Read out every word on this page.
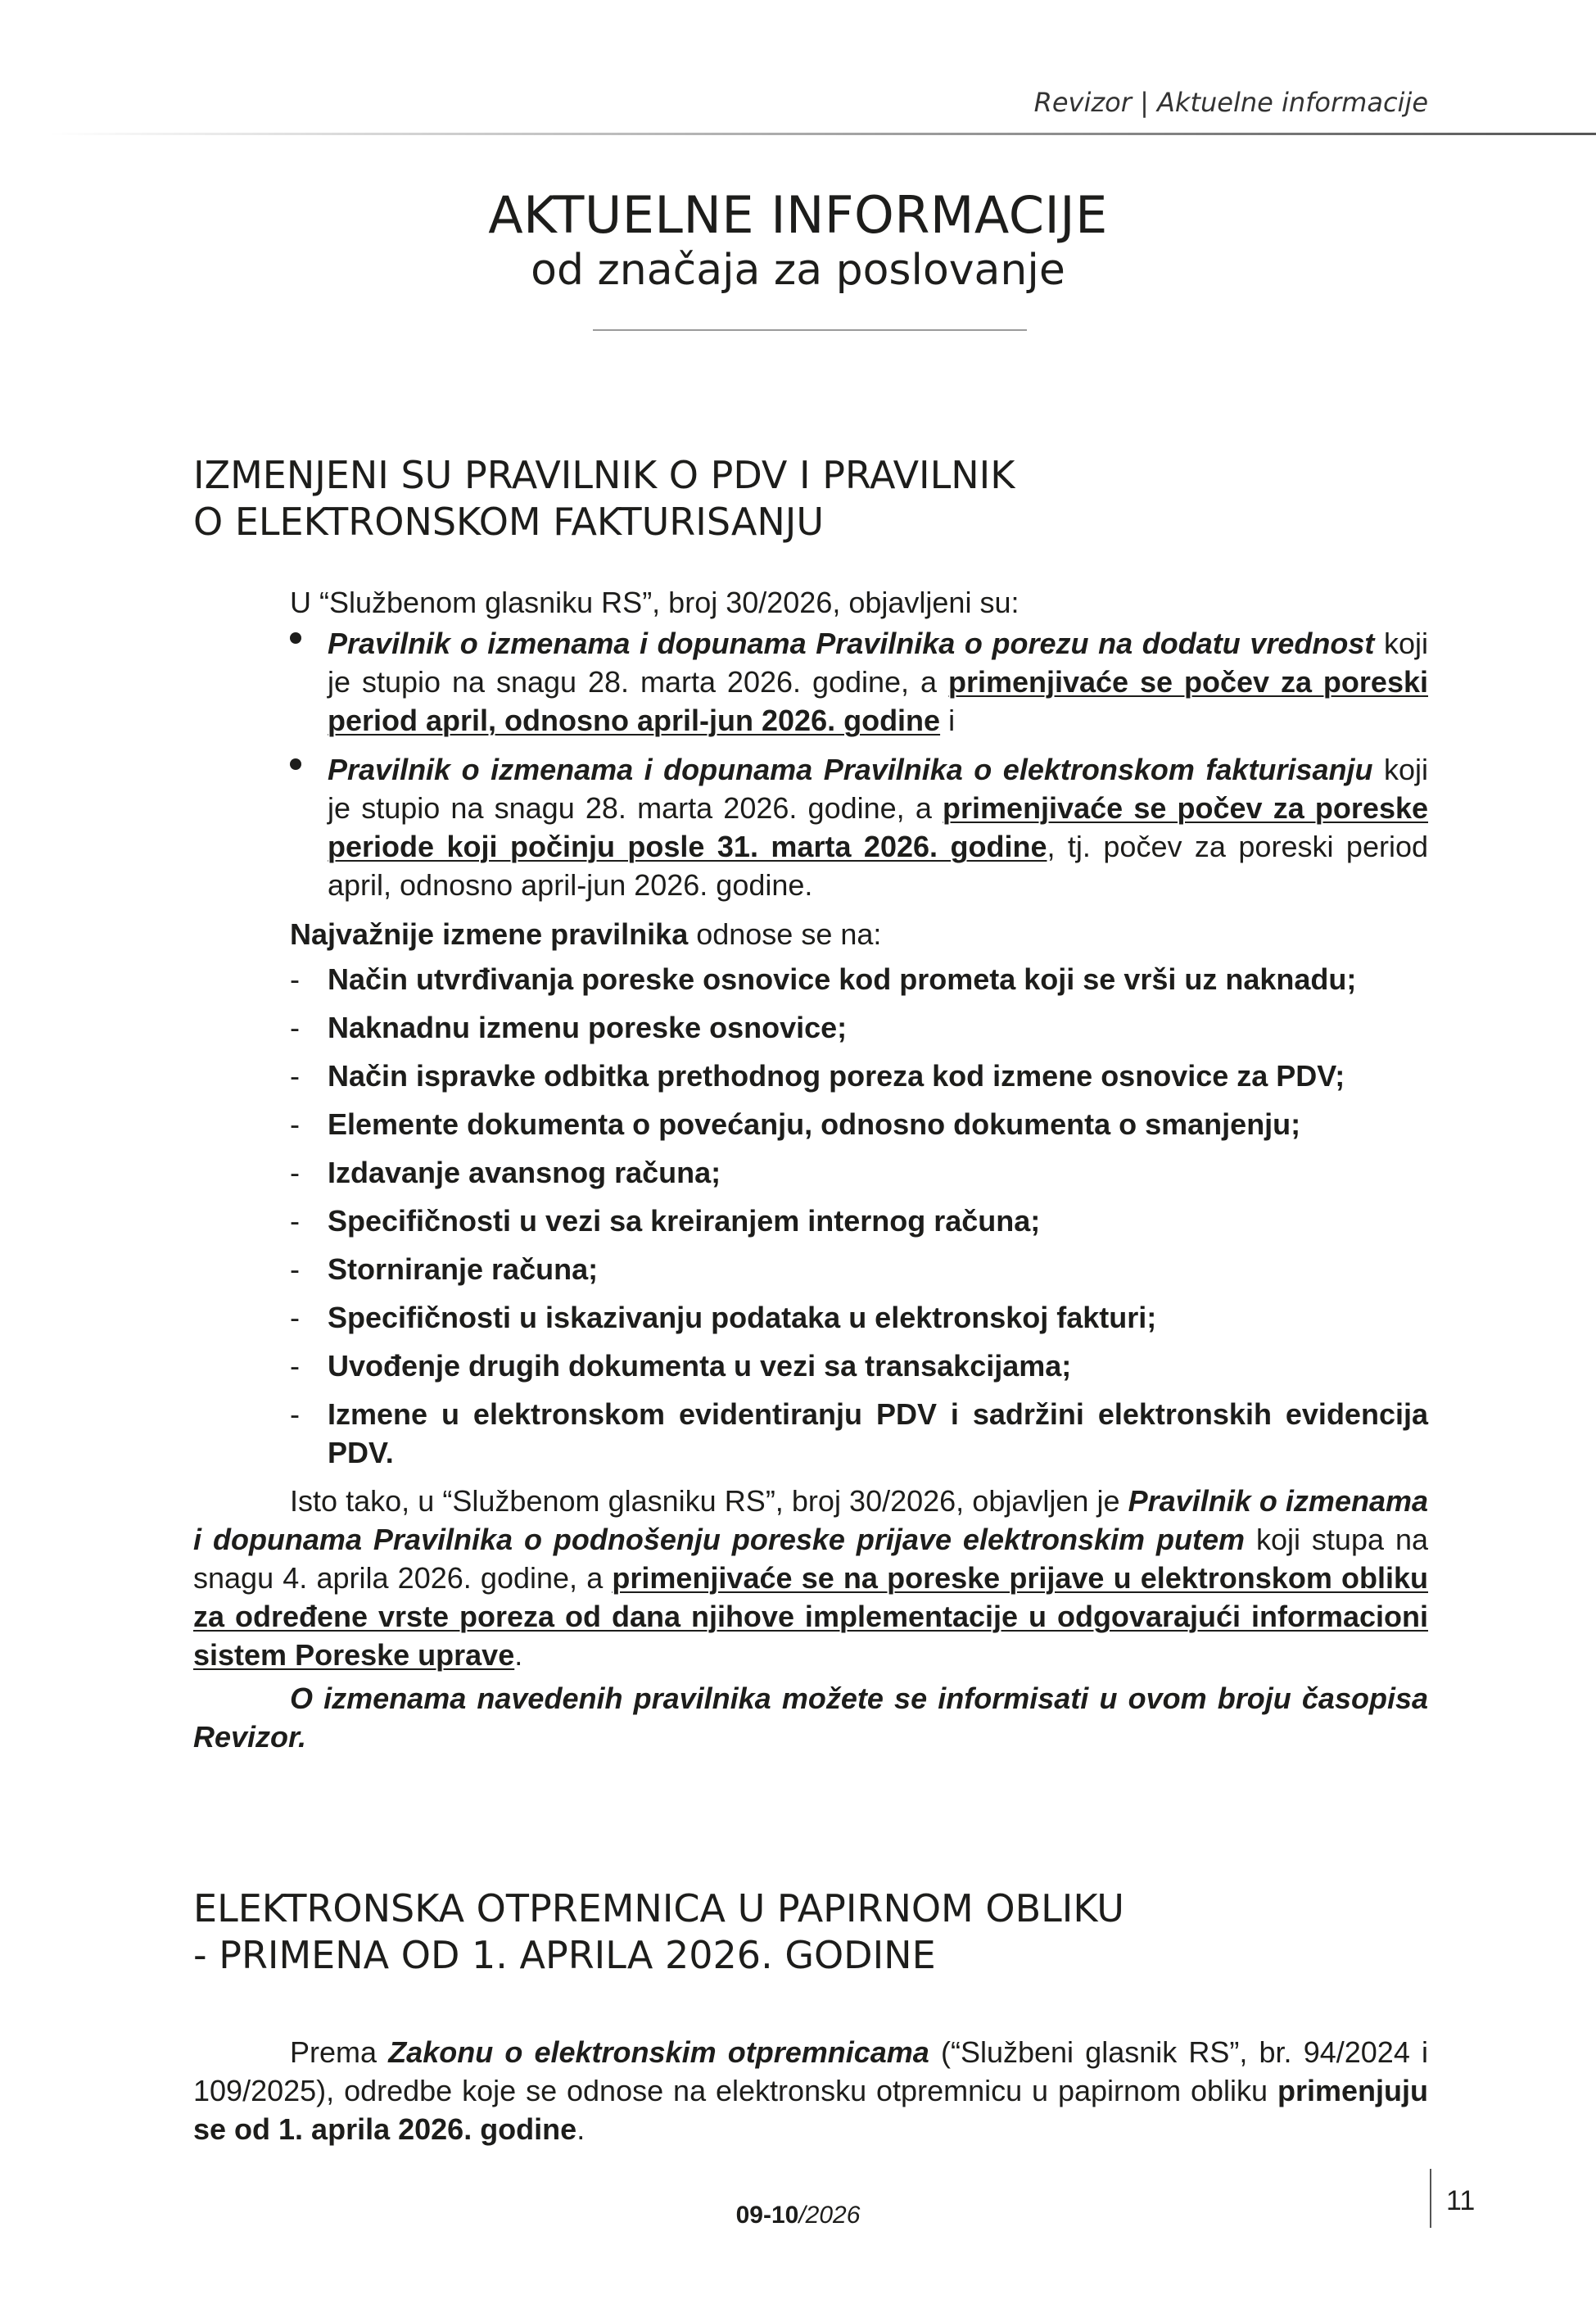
Revizor | Aktuelne informacije
AKTUELNE INFORMACIJE
od značaja za poslovanje
IZMENJENI SU PRAVILNIK O PDV I PRAVILNIK
O ELEKTRONSKOM FAKTURISANJU

U “Službenom glasniku RS”, broj 30/2026, objavljeni su:

Pravilnik o izmenama i dopunama Pravilnika o porezu na dodatu vrednost koji je stupio na snagu 28. marta 2026. godine, a primenjivaće se počev za poreski period april, odnosno april-jun 2026. godine i
Pravilnik o izmenama i dopunama Pravilnika o elektronskom fakturisanju koji je stupio na snagu 28. marta 2026. godine, a primenjivaće se počev za poreske periode koji počinju posle 31. marta 2026. godine, tj. počev za poreski period april, odnosno april-jun 2026. godine.

Najvažnije izmene pravilnika odnose se na:

- Način utvrđivanja poreske osnovice kod prometa koji se vrši uz naknadu;
- Naknadnu izmenu poreske osnovice;
- Način ispravke odbitka prethodnog poreza kod izmene osnovice za PDV;
- Elemente dokumenta o povećanju, odnosno dokumenta o smanjenju;
- Izdavanje avansnog računa;
- Specifičnosti u vezi sa kreiranjem internog računa;
- Storniranje računa;
- Specifičnosti u iskazivanju podataka u elektronskoj fakturi;
- Uvođenje drugih dokumenta u vezi sa transakcijama;
- Izmene u elektronskom evidentiranju PDV i sadržini elektronskih evidencija PDV.

Isto tako, u “Službenom glasniku RS”, broj 30/2026, objavljen je Pravilnik o izmenama i dopunama Pravilnika o podnošenju poreske prijave elektronskim putem koji stupa na snagu 4. aprila 2026. godine, a primenjivaće se na poreske prijave u elektronskom obliku za određene vrste poreza od dana njihove implementacije u odgovarajući informacioni sistem Poreske uprave.

O izmenama navedenih pravilnika možete se informisati u ovom broju časopisa Revizor.

ELEKTRONSKA OTPREMNICA U PAPIRNOM OBLIKU
- PRIMENA OD 1. APRILA 2026. GODINE

Prema Zakonu o elektronskim otpremnicama (“Službeni glasnik RS”, br. 94/2024 i 109/2025), odredbe koje se odnose na elektronsku otpremnicu u papirnom obliku primenjuju se od 1. aprila 2026. godine.

09-10/2026	11
